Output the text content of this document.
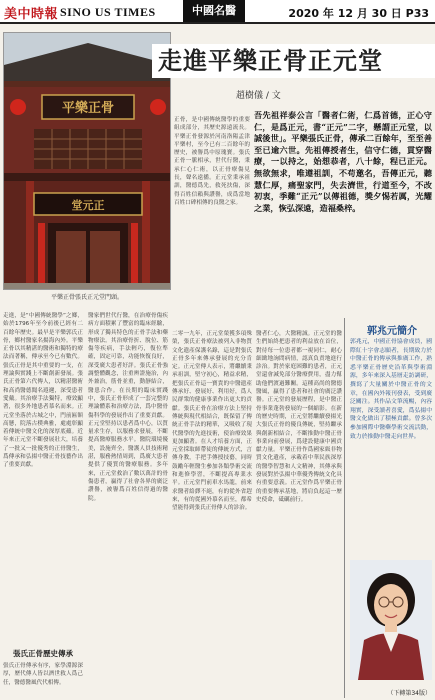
美中時報 SINO US TIMES	中國名醫	2020 年 12 月 30 日 P33
平樂正骨
堂元正
平樂正骨張氏正元堂門頭。
走進平樂正骨正元堂
趙樹儀 / 文
吾先祖祥泰公言「醫者仁術，仁爲首德，正心守仁，是爲正元，書“正元”二字，懸謂正元堂，以誠後世」。平樂張氏正骨，傳承二百餘年，至至善至已逾六世。先祖傳授者生，信守仁德，貫穿醫療，一以持之，始想恭者，八十餘，程已正元。無欲無求，唯遵祖訓，不苟邀名，吾傳正元，聽慧仁厚，痛聖家門，失去濟世，行道至今，不改初衷，季難“正元”以傳祖德，獎夕惕若厲，光耀之業，恢弘深遠，造福桑梓。
正骨，是中國傳統醫學的重要組成部分，其歷史源遠流長。平樂正骨發源於河南洛陽孟津平樂村，至今已有二百餘年的歷史，被譽爲中原瑰寶。張氏正骨一脈相承，世代行醫，秉承仁心仁術，以正骨療傷見長，聲名遠播。正元堂秉承祖訓，醫德爲先，救死扶傷，深得百姓信賴與讚譽，成爲當地百姓口碑相傳的良醫之家。
走進，是“中國傳統醫學”之鄉，始於1796年至今前後已經有二百餘年歷史。最早是平樂郭氏正骨，鄉村醫家名揚海內外。平樂正骨以其精湛的醫術和獨特的療法而著稱，傳承至今已有數代。張氏正骨是其中重要的一支，在理論與實踐上不斷創新發展。張氏正骨第六代傳人，以精湛醫術和高尚醫德聞名遐邇，深受患者愛戴。其治療手法獨特，療效顯著，很多外地患者慕名而來。正元堂坐落於古城之中，門前匾額高懸，院落古樸典雅，處處彰顯着傳統中醫文化的深厚底蘊。近年來正元堂不斷發展壯大，培養了一批又一批優秀的正骨醫生，爲傳承和弘揚中醫正骨技藝作出了重要貢獻。
張氏正骨歷史傳承
張氏正骨傳承有序，家學淵源深厚，歷代傳人皆以濟世救人爲己任，醫德醫風代代相傳。
醫家們世代行醫，在治療骨傷疾病方面積累了豐富的臨床經驗，形成了獨具特色的正骨手法和藥物療法。其治療骨折、脫位、筋傷等疾病，手法輕巧，復位準確，固定可靠，功能恢復良好，深受廣大患者好評。張氏正骨強調整體觀念，注重辨證施治，內外兼治，筋骨並重，動靜結合，醫患合作。在長期的臨床實踐中，張氏正骨形成了一套完整的理論體系和治療方法，爲中醫骨傷科學的發展作出了重要貢獻。正元堂堅持以患者爲中心，以質量求生存，以服務求發展，不斷提高醫療服務水平。醫院環境優美，設施齊全，醫護人員技術精湛，服務熱情周到，爲廣大患者提供了優質的醫療服務。多年來，正元堂救治了數以萬計的骨傷患者，贏得了社會各界的廣泛讚譽，被譽爲百姓信得過的醫院。
二零一九年，正元堂榮獲多項殊榮，張氏正骨療法被列入非物質文化遺產保護名錄，這是對張氏正骨多年來傳承發展的充分肯定。正元堂傳人表示，將繼續秉承祖訓，堅守初心，精益求精，把張氏正骨這一寶貴的中醫遺產傳承好、發展好、利用好，爲人民群衆的健康事業作出更大的貢獻。張氏正骨在治療方法上堅持傳統與現代相結合，既保留了傳統正骨手法的精華，又吸收了現代醫學的先進技術，使治療效果更加顯著。在人才培養方面，正元堂採取師帶徒的傳統方式，言傳身教，手把手傳授技藝，同時鼓勵年輕醫生參加各類學術交流和進修學習，不斷提高專業水平。正元堂門前車水馬龍，前來求醫者絡繹不絕，有的從外省趕來，有的從國外慕名而至，都希望能得到張氏正骨傳人的診治。
醫者仁心，大醫精誠。正元堂的醫生們始終把患者的利益放在首位，對待每一位患者都一視同仁，耐心細緻地詢問病情，認真負責地進行診治。對於家庭困難的患者，正元堂還會減免部分醫療費用，盡力幫助他們渡過難關。這種高尚的醫德醫風，贏得了患者和社會的廣泛讚譽。正元堂的發展歷程，是中醫正骨事業蓬勃發展的一個縮影。在新的歷史時期，正元堂將繼續發揚光大張氏正骨的優良傳統，堅持繼承與創新相結合，不斷推動中醫正骨事業向前發展，爲建設健康中國貢獻力量。平樂正骨作爲國家級非物質文化遺產，承載着中華民族深厚的醫學智慧和人文精神，其傳承與發展對於弘揚中華優秀傳統文化具有重要意義。正元堂作爲平樂正骨的重要傳承基地，將肩負起這一歷史使命，砥礪前行。
郭兆元簡介
郭兆元，中國正骨協會成員，國際紅十字會志願者，長期致力於中醫正骨的傳承與推廣工作，熟悉平樂正骨歷史沿革與學術淵源，多年來深入基層走訪調研，撰寫了大量關於中醫正骨的文章，在國內外報刊發表，受到廣泛關注。其作品文筆流暢，內容翔實，深受讀者喜愛，爲弘揚中醫文化做出了積極貢獻。曾多次參加國際中醫藥學術交流活動，致力於推動中醫走向世界。
（下轉第34版）
